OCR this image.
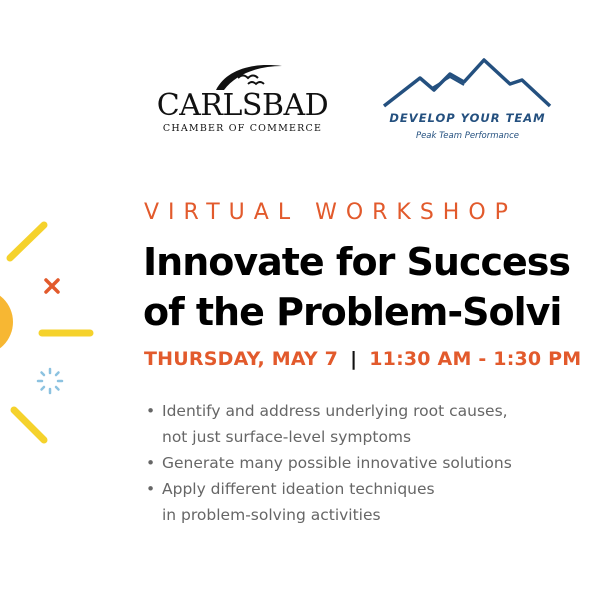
CARLSBAD
CHAMBER OF COMMERCE
DEVELOP YOUR TEAM
Peak Team Performance
VIRTUAL WORKSHOP
Innovate for Success
of the Problem-Solvi
THURSDAY, MAY 7 | 11:30 AM - 1:30 PM
• Identify and address underlying root causes,
not just surface-level symptoms
• Generate many possible innovative solutions
• Apply different ideation techniques
in problem-solving activities
